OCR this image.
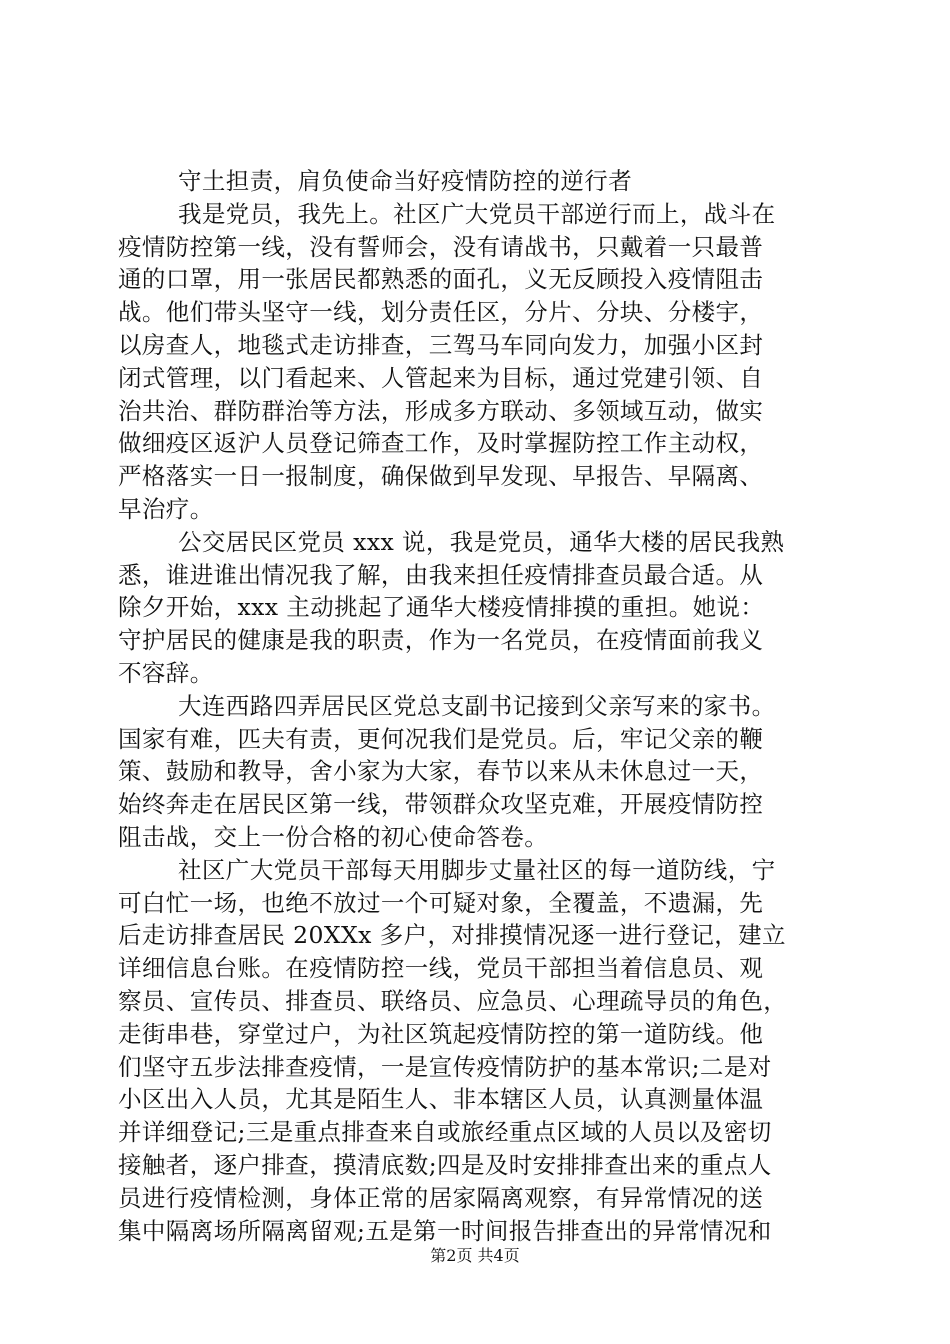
守土担责，肩负使命当好疫情防控的逆行者
我是党员，我先上。社区广大党员干部逆行而上，战斗在
疫情防控第一线，没有誓师会，没有请战书，只戴着一只最普
通的口罩，用一张居民都熟悉的面孔，义无反顾投入疫情阻击
战。他们带头坚守一线，划分责任区，分片、分块、分楼宇，
以房查人，地毯式走访排查，三驾马车同向发力，加强小区封
闭式管理，以门看起来、人管起来为目标，通过党建引领、自
治共治、群防群治等方法，形成多方联动、多领域互动，做实
做细疫区返沪人员登记筛查工作，及时掌握防控工作主动权，
严格落实一日一报制度，确保做到早发现、早报告、早隔离、
早治疗。
公交居民区党员 xxx 说，我是党员，通华大楼的居民我熟
悉，谁进谁出情况我了解，由我来担任疫情排查员最合适。从
除夕开始，xxx 主动挑起了通华大楼疫情排摸的重担。她说：
守护居民的健康是我的职责，作为一名党员，在疫情面前我义
不容辞。
大连西路四弄居民区党总支副书记接到父亲写来的家书。
国家有难，匹夫有责，更何况我们是党员。后，牢记父亲的鞭
策、鼓励和教导，舍小家为大家，春节以来从未休息过一天，
始终奔走在居民区第一线，带领群众攻坚克难，开展疫情防控
阻击战，交上一份合格的初心使命答卷。
社区广大党员干部每天用脚步丈量社区的每一道防线，宁
可白忙一场，也绝不放过一个可疑对象，全覆盖，不遗漏，先
后走访排查居民 20XXx 多户，对排摸情况逐一进行登记，建立
详细信息台账。在疫情防控一线，党员干部担当着信息员、观
察员、宣传员、排查员、联络员、应急员、心理疏导员的角色，
走街串巷，穿堂过户，为社区筑起疫情防控的第一道防线。他
们坚守五步法排查疫情，一是宣传疫情防护的基本常识;二是对
小区出入人员，尤其是陌生人、非本辖区人员，认真测量体温
并详细登记;三是重点排查来自或旅经重点区域的人员以及密切
接触者，逐户排查，摸清底数;四是及时安排排查出来的重点人
员进行疫情检测，身体正常的居家隔离观察，有异常情况的送
集中隔离场所隔离留观;五是第一时间报告排查出的异常情况和
第2页 共4页
